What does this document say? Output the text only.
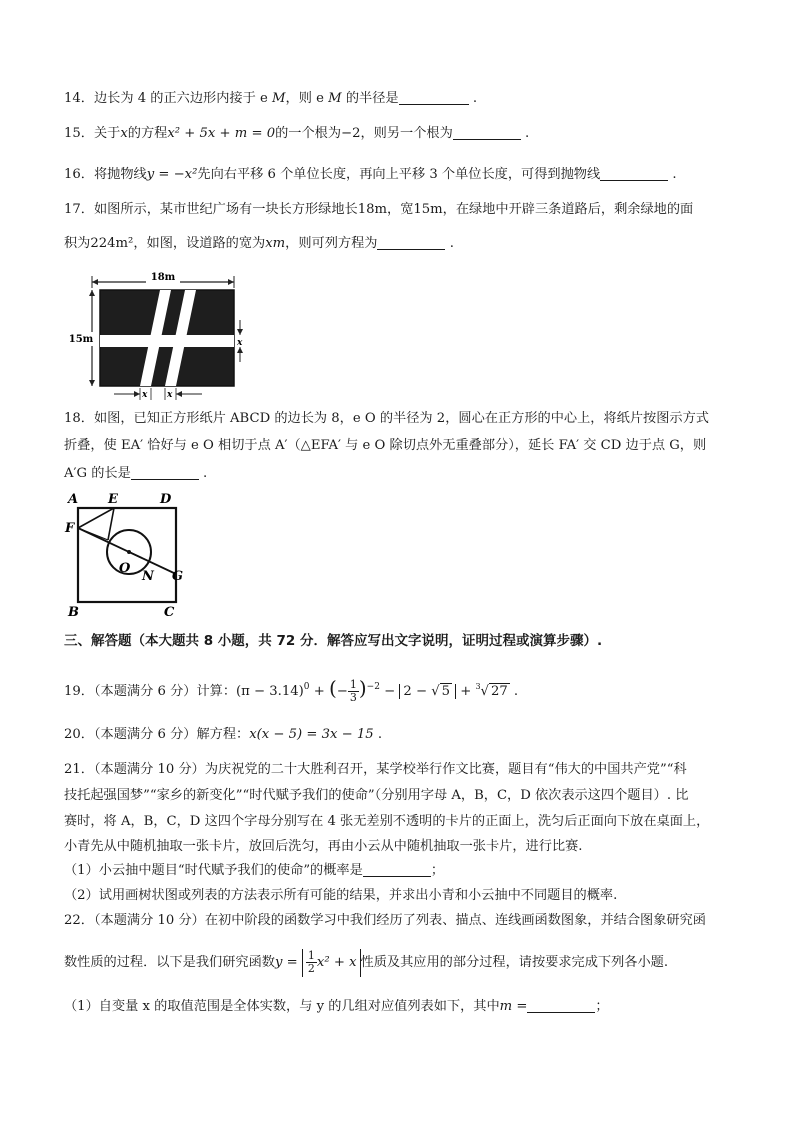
14．边长为 4 的正六边形内接于 e M，则 e M 的半径是	.
15．关于x的方程x² + 5x + m = 0的一个根为−2，则另一个根为	.
16．将抛物线y = −x²先向右平移 6 个单位长度，再向上平移 3 个单位长度，可得到抛物线	.
17．如图所示，某市世纪广场有一块长方形绿地长18m，宽15m，在绿地中开辟三条道路后，剩余绿地的面
积为224m²，如图，设道路的宽为xm，则可列方程为	.
18m
15m	x
x x
18．如图，已知正方形纸片 ABCD 的边长为 8，e O 的半径为 2，圆心在正方形的中心上，将纸片按图示方式
折叠，使 EA′ 恰好与 e O 相切于点 A′（△EFA′ 与 e O 除切点外无重叠部分），延长 FA′ 交 CD 边于点 G，则
A′G 的长是	.
A E	D
F
O
N G
B	C
三、解答题（本大题共 8 小题，共 72 分．解答应写出文字说明，证明过程或演算步骤）.
19．（本题满分 6 分）计算：$(\pi - 3.14)^0$ + (− $\frac{1}{3} )^{-2} - 2$ − √ 5 + $^3$√ 27 .
20．（本题满分 6 分）解方程：x(x − 5) = 3x − 15 .
21．（本题满分 10 分）为庆祝党的二十大胜利召开，某学校举行作文比赛，题目有“伟大的中国共产党”“科
技托起强国梦”“家乡的新变化”“时代赋予我们的使命”（分别用字母 A，B，C，D 依次表示这四个题目）. 比
赛时，将 A，B，C，D 这四个字母分别写在 4 张无差别不透明的卡片的正面上，洗匀后正面向下放在桌面上，
小青先从中随机抽取一张卡片，放回后洗匀，再由小云从中随机抽取一张卡片，进行比赛.
（1）小云抽中题目“时代赋予我们的使命”的概率是	；
（2）试用画树状图或列表的方法表示所有可能的结果，并求出小青和小云抽中不同题目的概率.
22．（本题满分 10 分）在初中阶段的函数学习中我们经历了列表、描点、连线画函数图象，并结合图象研究函
数性质的过程．以下是我们研究函数$y = \frac{1}{2} x^2 + x$ 性质及其应用的部分过程，请按要求完成下列各小题.
（1）自变量 x 的取值范围是全体实数，与 y 的几组对应值列表如下，其中m =	；
